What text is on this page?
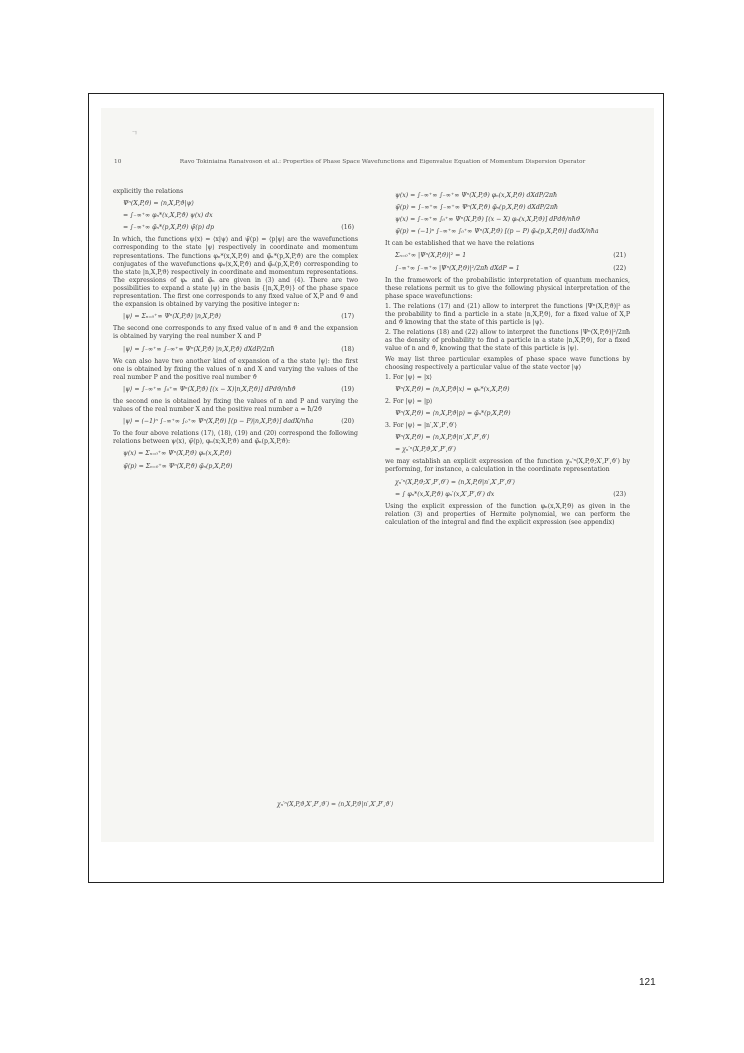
ㄱ
10	Ravo Tokiniaina Ranaivoson et al.: Properties of Phase Space Wavefunctions and Eigenvalue Equation of Momentum Dispersion Operator
explicitly the relations
Ψⁿ(X,P,ϑ) = ⟨n,X,P,ϑ|ψ⟩
= ∫₋∞⁺∞ φₙ*(x,X,P,ϑ) ψ(x) dx
= ∫₋∞⁺∞ φ̃ₙ*(p,X,P,ϑ) ψ̃(p) dp	(16)
In which, the functions ψ(x) = ⟨x|ψ⟩ and ψ̃(p) = ⟨p|ψ⟩ are the wavefunctions corresponding to the state |ψ⟩ respectively in coordinate and momentum representations. The functions φₙ*(x,X,P,ϑ) and φ̃ₙ*(p,X,P,ϑ) are the complex conjugates of the wavefunctions φₙ(x,X,P,ϑ) and φ̃ₙ(p,X,P,ϑ) corresponding to the state |n,X,P,ϑ⟩ respectively in coordinate and momentum representations. The expressions of φₙ and φ̃ₙ are given in (3) and (4). There are two possibilities to expand a state |ψ⟩ in the basis {|n,X,P,ϑ⟩} of the phase space representation. The first one corresponds to any fixed value of X,P and ϑ and the expansion is obtained by varying the positive integer n:
|ψ⟩ = Σₙ₌₀⁺∞ Ψⁿ(X,P,ϑ) |n,X,P,ϑ⟩	(17)
The second one corresponds to any fixed value of n and ϑ and the expansion is obtained by varying the real number X and P
|ψ⟩ = ∫₋∞⁺∞ ∫₋∞⁺∞ Ψⁿ(X,P,ϑ) |n,X,P,ϑ⟩ dXdP/2πħ	(18)
We can also have two another kind of expansion of a the state |ψ⟩: the first one is obtained by fixing the values of n and X and varying the values of the real number P and the positive real number ϑ
|ψ⟩ = ∫₋∞⁺∞ ∫₀⁺∞ Ψⁿ(X,P,ϑ) [(x − X)|n,X,P,ϑ⟩] dPdϑ/nħϑ	(19)
the second one is obtained by fixing the values of n and P and varying the values of the real number X and the positive real number a = ħ/2ϑ
|ψ⟩ = (−1)ⁿ ∫₋∞⁺∞ ∫₀⁺∞ Ψⁿ(X,P,ϑ) [(p − P)|n,X,P,ϑ⟩] dadX/nħa	(20)
To the four above relations (17), (18), (19) and (20) correspond the following relations between ψ(x), ψ̃(p), φₙ(x;X,P,ϑ) and φ̃ₙ(p,X,P,ϑ):
ψ(x) = Σₙ₌₀⁺∞ Ψⁿ(X,P,ϑ) φₙ(x,X,P,ϑ)
ψ̃(p) = Σₙ₌₀⁺∞ Ψⁿ(X,P,ϑ) φ̃ₙ(p,X,P,ϑ)
ψ(x) = ∫₋∞⁺∞ ∫₋∞⁺∞ Ψⁿ(X,P,ϑ) φₙ(x,X,P,ϑ) dXdP/2πħ
ψ̃(p) = ∫₋∞⁺∞ ∫₋∞⁺∞ Ψⁿ(X,P,ϑ) φ̃ₙ(p,X,P,ϑ) dXdP/2πħ
ψ(x) = ∫₋∞⁺∞ ∫₀⁺∞ Ψⁿ(X,P,ϑ) [(x − X) φₙ(x,X,P,ϑ)] dPdϑ/nħϑ
ψ̃(p) = (−1)ⁿ ∫₋∞⁺∞ ∫₀⁺∞ Ψⁿ(X,P,ϑ) [(p − P) φ̃ₙ(p,X,P,ϑ)] dadX/nħa
It can be established that we have the relations
Σₙ₌₀⁺∞ |Ψⁿ(X,P,ϑ)|² = 1	(21)
∫₋∞⁺∞ ∫₋∞⁺∞ |Ψⁿ(X,P,ϑ)|²/2πħ dXdP = 1	(22)
In the framework of the probabilistic interpretation of quantum mechanics, these relations permit us to give the following physical interpretation of the phase space wavefunctions:
1. The relations (17) and (21) allow to interpret the functions |Ψⁿ(X,P,ϑ)|² as the probability to find a particle in a state |n,X,P,ϑ⟩, for a fixed value of X,P and ϑ knowing that the state of this particle is |ψ⟩.
2. The relations (18) and (22) allow to interpret the functions |Ψⁿ(X,P,ϑ)|²/2πħ as the density of probability to find a particle in a state |n,X,P,ϑ⟩, for a fixed value of n and ϑ, knowing that the state of this particle is |ψ⟩.
We may list three particular examples of phase space wave functions by choosing respectively a particular value of the state vector |ψ⟩
1. For |ψ⟩ = |x⟩
Ψⁿ(X,P,ϑ) = ⟨n,X,P,ϑ|x⟩ = φₙ*(x,X,P,ϑ)
2. For |ψ⟩ = |p⟩
Ψⁿ(X,P,ϑ) = ⟨n,X,P,ϑ|p⟩ = φ̃ₙ*(p,X,P,ϑ)
3. For |ψ⟩ = |n′,X′,P′,ϑ′⟩
Ψⁿ(X,P,ϑ) = ⟨n,X,P,ϑ|n′,X′,P′,ϑ′⟩
= χₙ′ⁿ(X,P,ϑ,X′,P′,ϑ′)
we may establish an explicit expression of the function χₙ′ⁿ(X,P,ϑ;X′,P′,ϑ′) by performing, for instance, a calculation in the coordinate representation
χₙ′ⁿ(X,P,ϑ;X′,P′,ϑ′) = ⟨n,X,P,ϑ|n′,X′,P′,ϑ′⟩
= ∫ φₙ*(x,X,P,ϑ) φₙ′(x,X′,P′,ϑ′) dx	(23)
Using the explicit expression of the function φₙ(x,X,P,ϑ) as given in the relation (3) and properties of Hermite polynomial, we can perform the calculation of the integral and find the explicit expression (see appendix)
χₙ′ⁿ(X,P,ϑ,X′,P′,ϑ′) = ⟨n,X,P,ϑ|n′,X′,P′,ϑ′⟩
121
